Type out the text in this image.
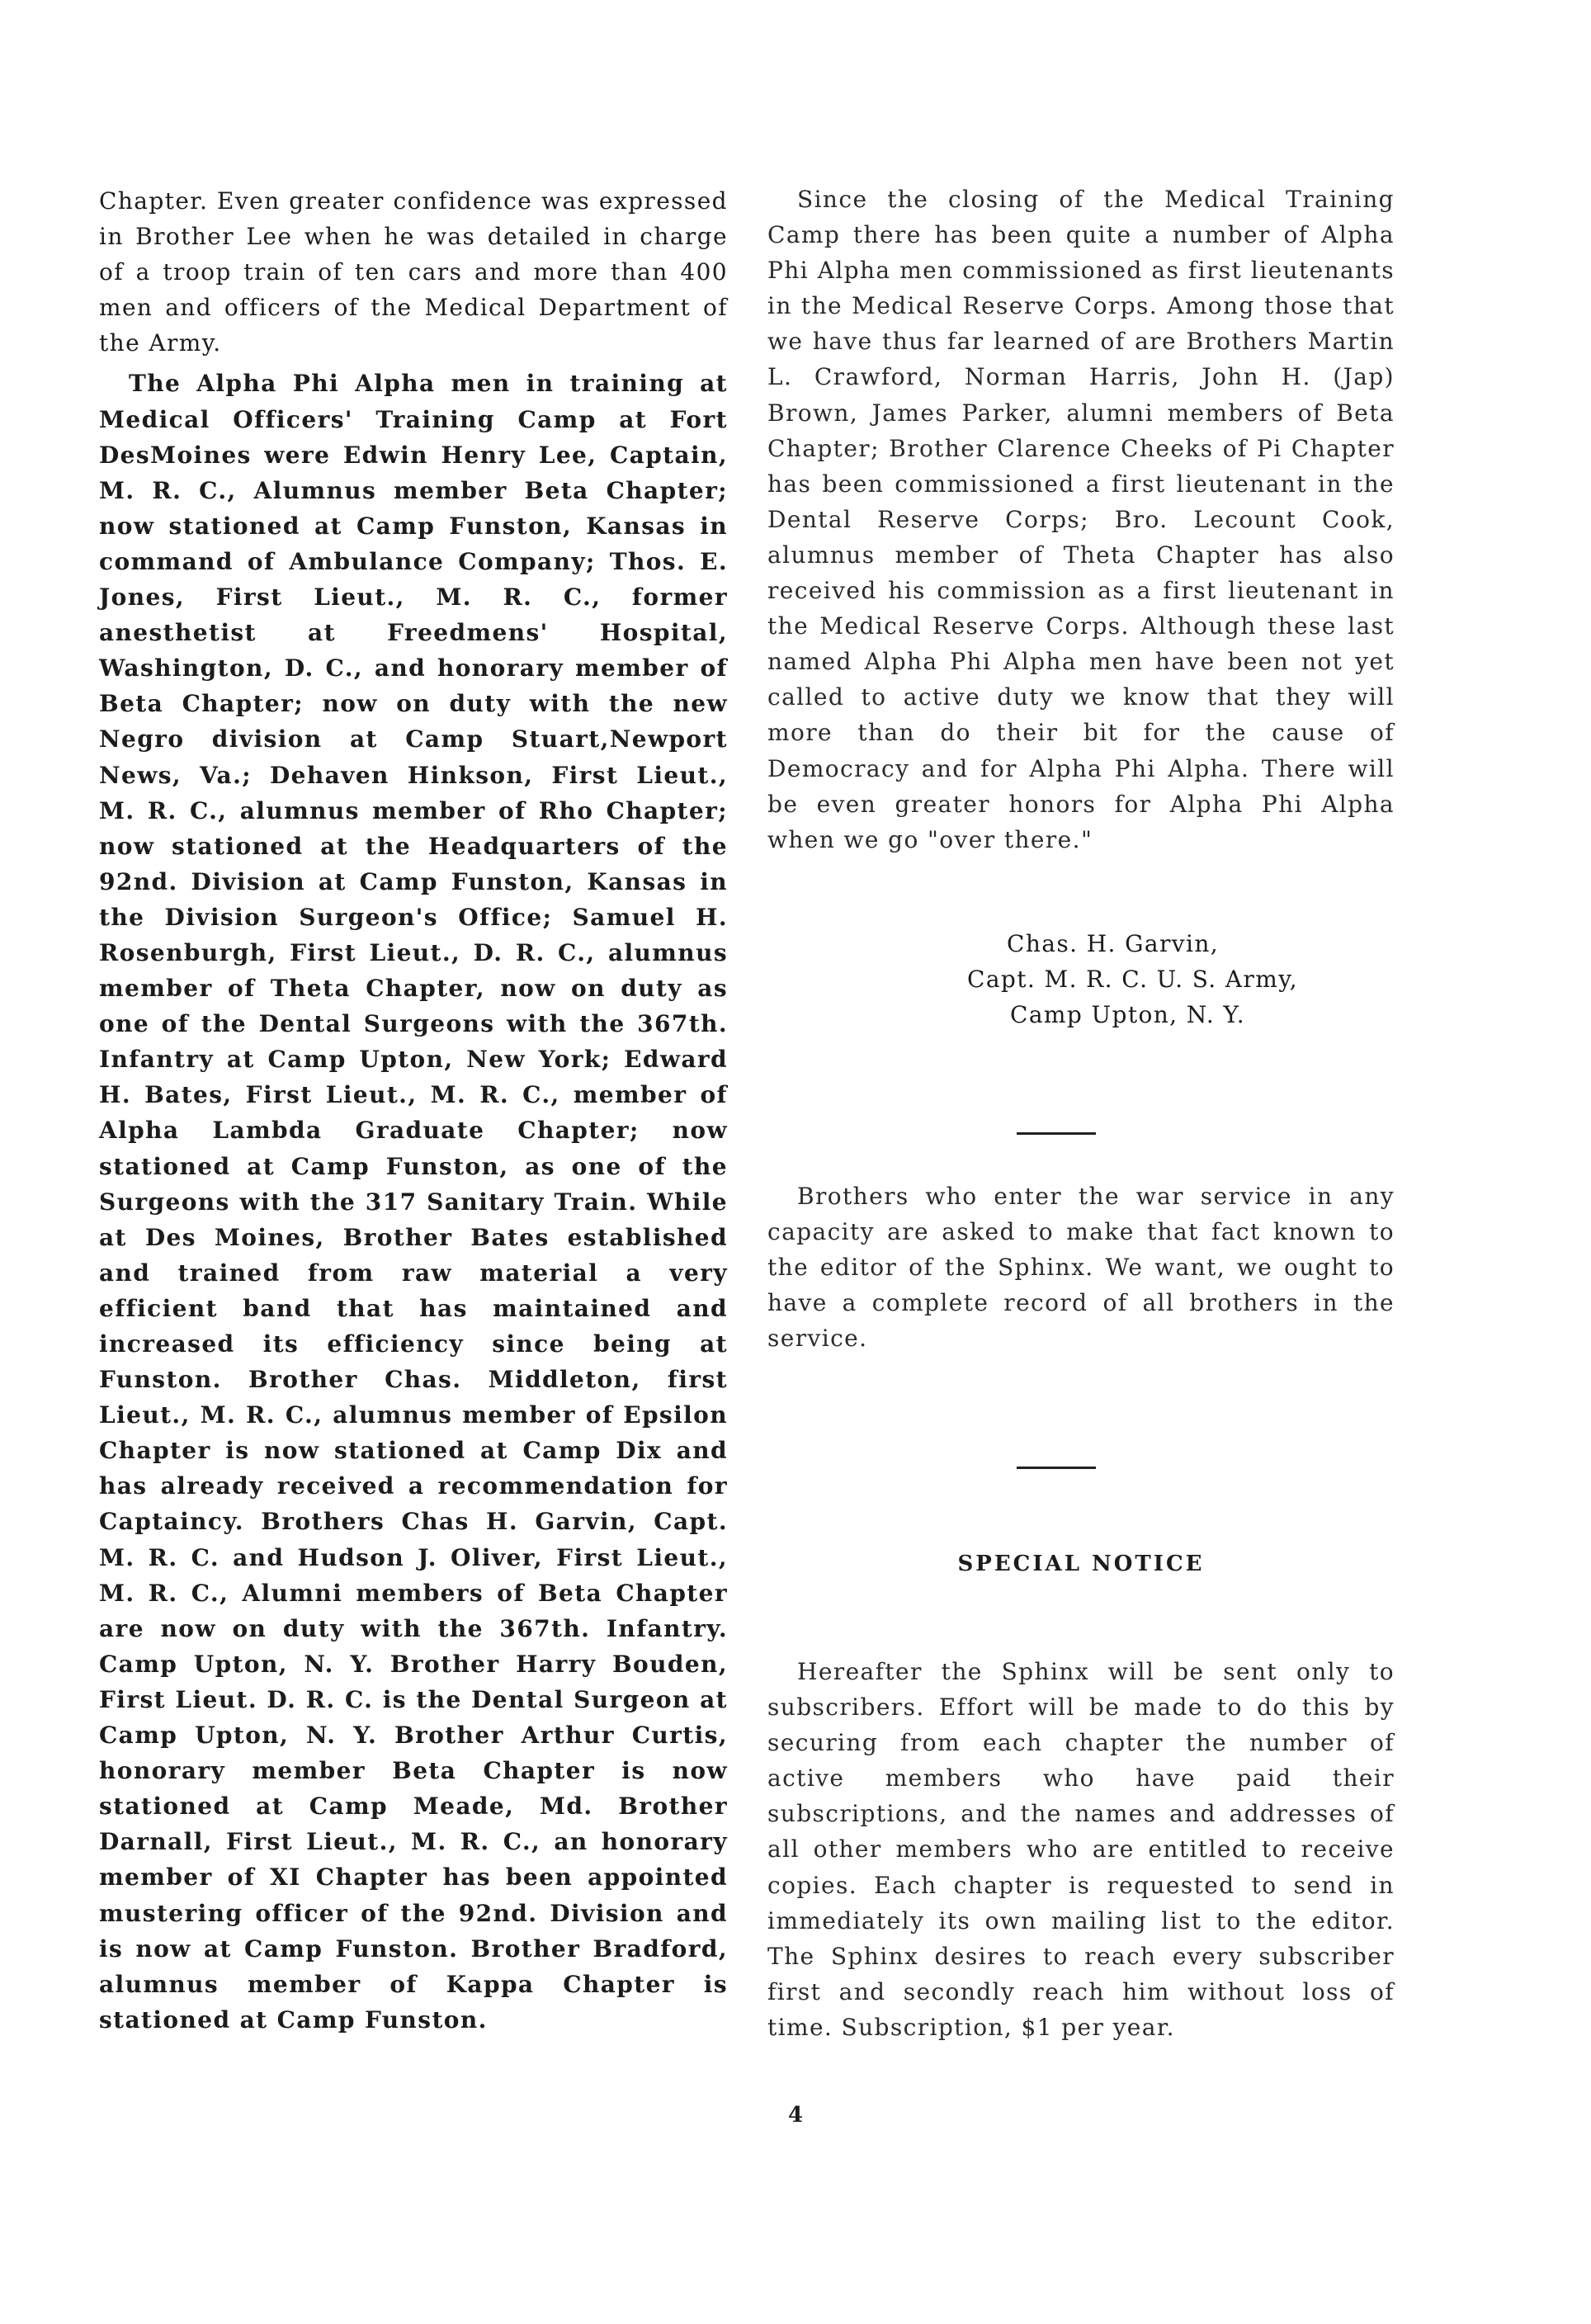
Chapter. Even greater confidence was expressed in Brother Lee when he was detailed in charge of a troop train of ten cars and more than 400 men and officers of the Medical Department of the Army.

The Alpha Phi Alpha men in training at Medical Officers' Training Camp at Fort DesMoines were Edwin Henry Lee, Captain, M. R. C., Alumnus member Beta Chapter; now stationed at Camp Funston, Kansas in command of Ambulance Company; Thos. E. Jones, First Lieut., M. R. C., former anesthetist at Freedmens' Hospital, Washington, D. C., and honorary member of Beta Chapter; now on duty with the new Negro division at Camp Stuart,Newport News, Va.; Dehaven Hinkson, First Lieut., M. R. C., alumnus member of Rho Chapter; now stationed at the Headquarters of the 92nd. Division at Camp Funston, Kansas in the Division Surgeon's Office; Samuel H. Rosenburgh, First Lieut., D. R. C., alumnus member of Theta Chapter, now on duty as one of the Dental Surgeons with the 367th. Infantry at Camp Upton, New York; Edward H. Bates, First Lieut., M. R. C., member of Alpha Lambda Graduate Chapter; now stationed at Camp Funston, as one of the Surgeons with the 317 Sanitary Train. While at Des Moines, Brother Bates established and trained from raw material a very efficient band that has maintained and increased its efficiency since being at Funston. Brother Chas. Middleton, first Lieut., M. R. C., alumnus member of Epsilon Chapter is now stationed at Camp Dix and has already received a recommendation for Captaincy. Brothers Chas H. Garvin, Capt. M. R. C. and Hudson J. Oliver, First Lieut., M. R. C., Alumni members of Beta Chapter are now on duty with the 367th. Infantry. Camp Upton, N. Y. Brother Harry Bouden, First Lieut. D. R. C. is the Dental Surgeon at Camp Upton, N. Y. Brother Arthur Curtis, honorary member Beta Chapter is now stationed at Camp Meade, Md. Brother Darnall, First Lieut., M. R. C., an honorary member of XI Chapter has been appointed mustering officer of the 92nd. Division and is now at Camp Funston. Brother Bradford, alumnus member of Kappa Chapter is stationed at Camp Funston.

Since the closing of the Medical Training Camp there has been quite a number of Alpha Phi Alpha men commissioned as first lieutenants in the Medical Reserve Corps. Among those that we have thus far learned of are Brothers Martin L. Crawford, Norman Harris, John H. (Jap) Brown, James Parker, alumni members of Beta Chapter; Brother Clarence Cheeks of Pi Chapter has been commissioned a first lieutenant in the Dental Reserve Corps; Bro. Lecount Cook, alumnus member of Theta Chapter has also received his commission as a first lieutenant in the Medical Reserve Corps. Although these last named Alpha Phi Alpha men have been not yet called to active duty we know that they will more than do their bit for the cause of Democracy and for Alpha Phi Alpha. There will be even greater honors for Alpha Phi Alpha when we go "over there."

Chas. H. Garvin,
Capt. M. R. C. U. S. Army,
Camp Upton, N. Y.

Brothers who enter the war service in any capacity are asked to make that fact known to the editor of the Sphinx. We want, we ought to have a complete record of all brothers in the service.

SPECIAL NOTICE

Hereafter the Sphinx will be sent only to subscribers. Effort will be made to do this by securing from each chapter the number of active members who have paid their subscriptions, and the names and addresses of all other members who are entitled to receive copies. Each chapter is requested to send in immediately its own mailing list to the editor. The Sphinx desires to reach every subscriber first and secondly reach him without loss of time. Subscription, $1 per year.

4
